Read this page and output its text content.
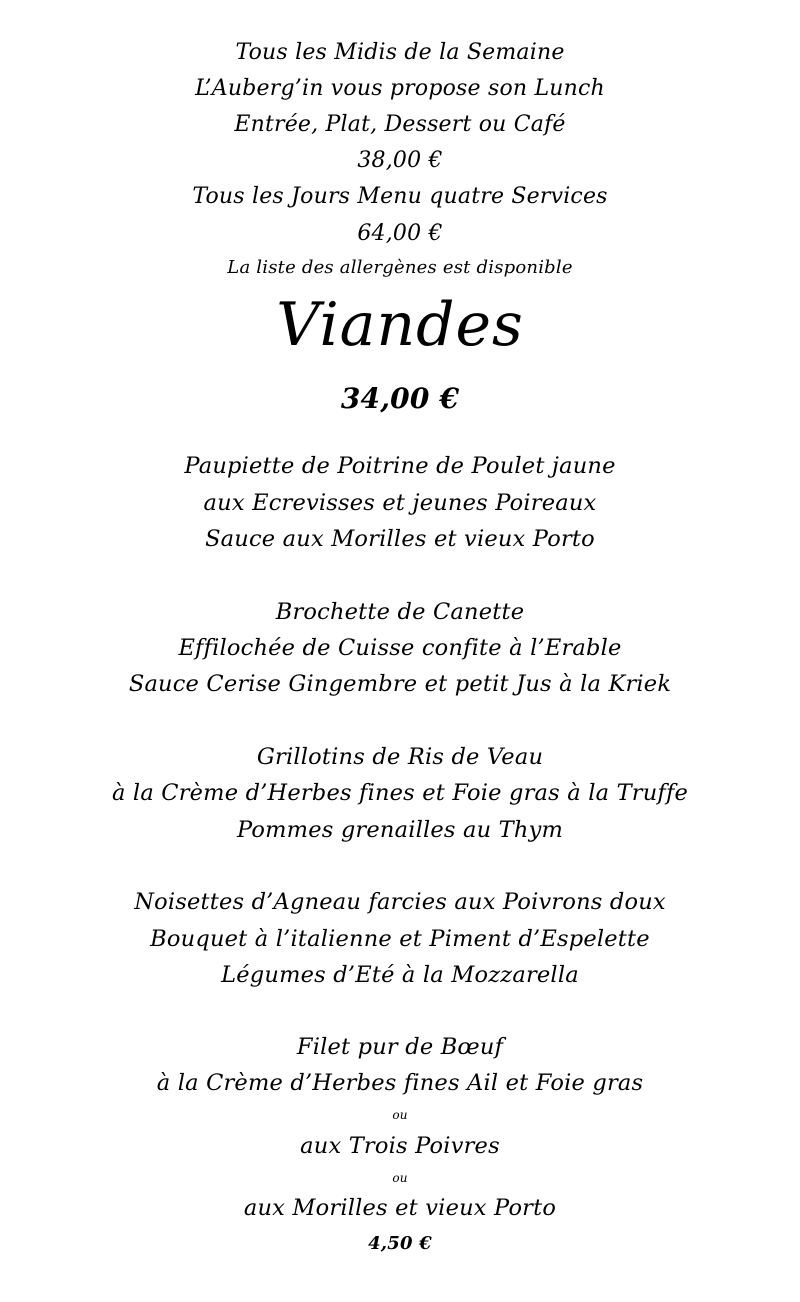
Tous les Midis de la Semaine
L’Auberg’in vous propose son Lunch
Entrée, Plat, Dessert ou Café
38,00 €
Tous les Jours Menu quatre Services
64,00 €
La liste des allergènes est disponible
Viandes
34,00 €
Paupiette de Poitrine de Poulet jaune
aux Ecrevisses et jeunes Poireaux
Sauce aux Morilles et vieux Porto
Brochette de Canette
Effilochée de Cuisse confite à l’Erable
Sauce Cerise Gingembre et petit Jus à la Kriek
Grillotins de Ris de Veau
à la Crème d’Herbes fines et Foie gras à la Truffe
Pommes grenailles au Thym
Noisettes d’Agneau farcies aux Poivrons doux
Bouquet à l’italienne et Piment d’Espelette
Légumes d’Eté à la Mozzarella
Filet pur de Bœuf
à la Crème d’Herbes fines Ail et Foie gras
ou
aux Trois Poivres
ou
aux Morilles et vieux Porto
4,50 €
